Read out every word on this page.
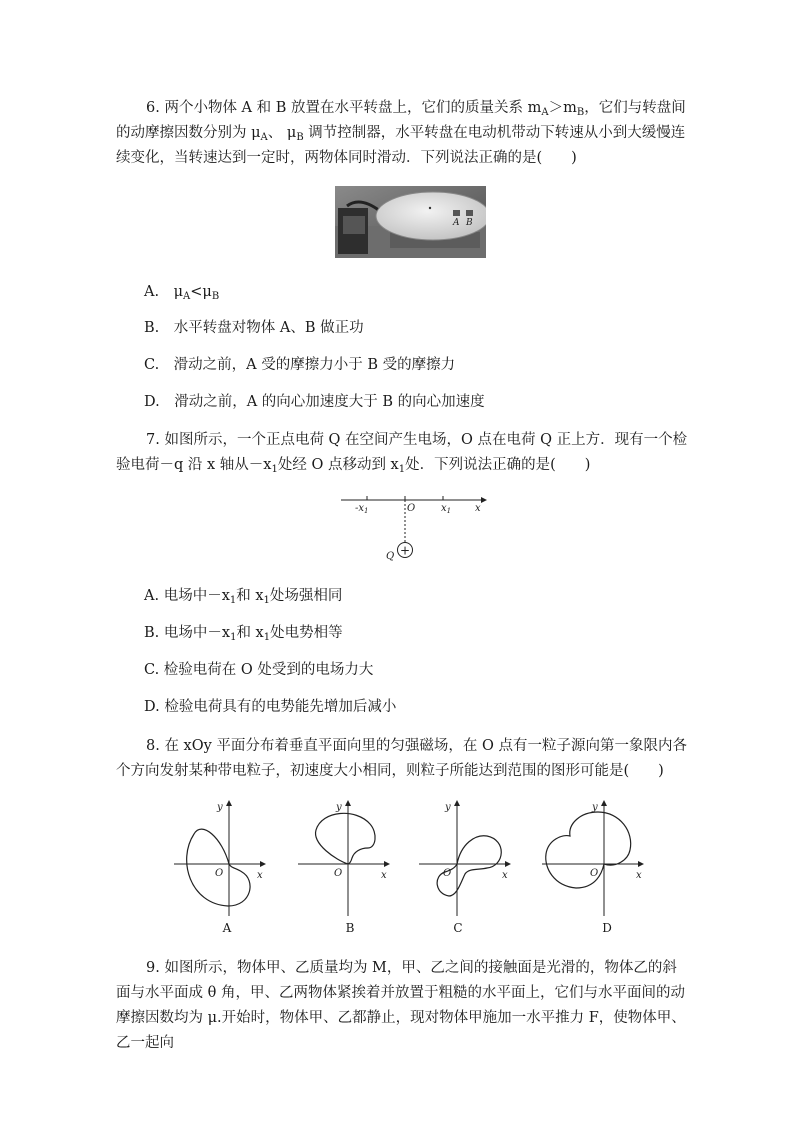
6. 两个小物体 A 和 B 放置在水平转盘上，它们的质量关系 $m_A>m_B$，它们与转盘间的动摩擦因数分别为 $\mu_A$、 $\mu_B$ 调节控制器，水平转盘在电动机带动下转速从小到大缓慢连续变化，当转速达到一定时，两物体同时滑动．下列说法正确的是(　　)

A B
A.　$\mu_A<\mu_B$
B.　水平转盘对物体 A、B 做正功
C.　滑动之前，A 受的摩擦力小于 B 受的摩擦力
D.　滑动之前，A 的向心加速度大于 B 的向心加速度

7. 如图所示，一个正点电荷 Q 在空间产生电场，O 点在电荷 Q 正上方．现有一个检验电荷－q 沿 x 轴从$-x_1$处经 O 点移动到 $x_1$处．下列说法正确的是(　　)

$-x_1$	O	$x_1$ x
+
Q
A. 电场中$-x_1$和 $x_1$处场强相同
B. 电场中$-x_1$和 $x_1$处电势相等
C. 检验电荷在 O 处受到的电场力大
D. 检验电荷具有的电势能先增加后减小

8. 在 xOy 平面分布着垂直平面向里的匀强磁场，在 O 点有一粒子源向第一象限内各个方向发射某种带电粒子，初速度大小相同，则粒子所能达到范围的图形可能是(　　)

y
x
O
A
y
x
O
B
y
x
O
C
y
x
O
D

9. 如图所示，物体甲、乙质量均为 M，甲、乙之间的接触面是光滑的，物体乙的斜面与水平面成 θ 角，甲、乙两物体紧挨着并放置于粗糙的水平面上，它们与水平面间的动摩擦因数均为 μ.开始时，物体甲、乙都静止，现对物体甲施加一水平推力 F，使物体甲、乙一起向
